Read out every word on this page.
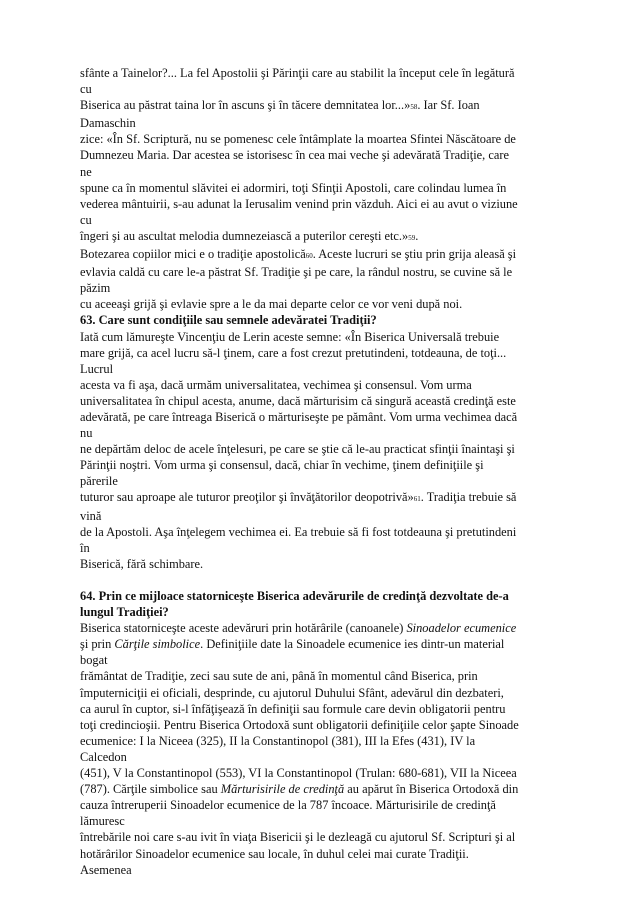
sfânte a Tainelor?... La fel Apostolii şi Părinţii care au stabilit la început cele în legătură
cu
Biserica au păstrat taina lor în ascuns şi în tăcere demnitatea lor...»58. Iar Sf. Ioan
Damaschin
zice: «În Sf. Scriptură, nu se pomenesc cele întâmplate la moartea Sfintei Născătoare de
Dumnezeu Maria. Dar acestea se istorisesc în cea mai veche şi adevărată Tradiţie, care
ne
spune ca în momentul slăvitei ei adormiri, toţi Sfinţii Apostoli, care colindau lumea în
vederea mântuirii, s-au adunat la Ierusalim venind prin văzduh. Aici ei au avut o viziune
cu
îngeri şi au ascultat melodia dumnezeiască a puterilor cereşti etc.»59.
Botezarea copiilor mici e o tradiţie apostolică60. Aceste lucruri se ştiu prin grija aleasă şi
evlavia caldă cu care le-a păstrat Sf. Tradiţie şi pe care, la rândul nostru, se cuvine să le
păzim
cu aceeaşi grijă şi evlavie spre a le da mai departe celor ce vor veni după noi.
63. Care sunt condiţiile sau semnele adevăratei Tradiţii?
Iată cum lămureşte Vincenţiu de Lerin aceste semne: «În Biserica Universală trebuie
mare grijă, ca acel lucru să-l ţinem, care a fost crezut pretutindeni, totdeauna, de toţi...
Lucrul
acesta va fi aşa, dacă urmăm universalitatea, vechimea şi consensul. Vom urma
universalitatea în chipul acesta, anume, dacă mărturisim că singură această credinţă este
adevărată, pe care întreaga Biserică o mărturiseşte pe pământ. Vom urma vechimea dacă
nu
ne depărtăm deloc de acele înţelesuri, pe care se ştie că le-au practicat sfinţii înaintaşi şi
Părinţii noştri. Vom urma şi consensul, dacă, chiar în vechime, ţinem definiţiile şi
părerile
tuturor sau aproape ale tuturor preoţilor şi învăţătorilor deopotrivă»61. Tradiţia trebuie să
vină
de la Apostoli. Aşa înţelegem vechimea ei. Ea trebuie să fi fost totdeauna şi pretutindeni
în
Biserică, fără schimbare.
64. Prin ce mijloace statorniceşte Biserica adevărurile de credinţă dezvoltate de-a
lungul Tradiţiei?
Biserica statorniceşte aceste adevăruri prin hotărârile (canoanele) Sinoadelor ecumenice
şi prin Cărţile simbolice. Definiţiile date la Sinoadele ecumenice ies dintr-un material
bogat
frământat de Tradiţie, zeci sau sute de ani, până în momentul când Biserica, prin
împuterniciţii ei oficiali, desprinde, cu ajutorul Duhului Sfânt, adevărul din dezbateri,
ca aurul în cuptor, si-l înfăţişează în definiţii sau formule care devin obligatorii pentru
toţi credincioşii. Pentru Biserica Ortodoxă sunt obligatorii definiţiile celor şapte Sinoade
ecumenice: I la Niceea (325), II la Constantinopol (381), III la Efes (431), IV la
Calcedon
(451), V la Constantinopol (553), VI la Constantinopol (Trulan: 680-681), VII la Niceea
(787). Cărţile simbolice sau Mărturisirile de credinţă au apărut în Biserica Ortodoxă din
cauza întreruperii Sinoadelor ecumenice de la 787 încoace. Mărturisirile de credinţă
lămuresc
întrebările noi care s-au ivit în viaţa Bisericii şi le dezleagă cu ajutorul Sf. Scripturi şi al
hotărârilor Sinoadelor ecumenice sau locale, în duhul celei mai curate Tradiţii.
Asemenea
